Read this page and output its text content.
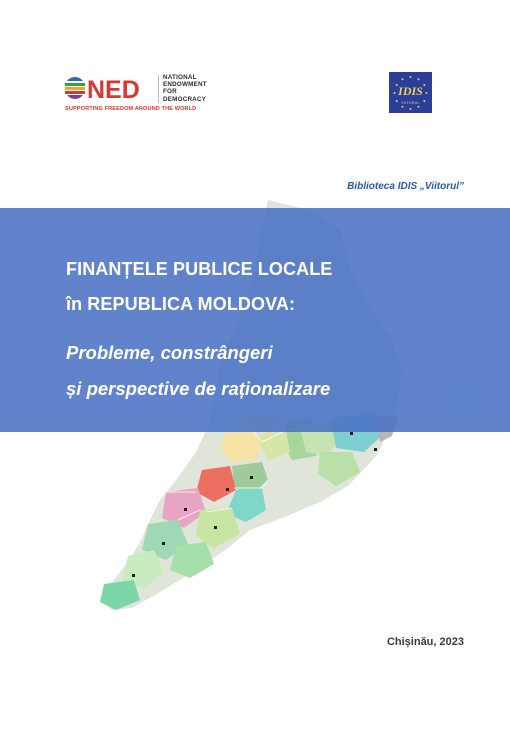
NED	NATIONAL
ENDOWMENT
FOR
DEMOCRACY
SUPPORTING FREEDOM AROUND THE WORLD
IDIS
VIITORUL
Biblioteca IDIS „Viitorul”
FINANȚELE PUBLICE LOCALE
în REPUBLICA MOLDOVA:
Probleme, constrângeri
și perspective de raționalizare
Chișinău, 2023
